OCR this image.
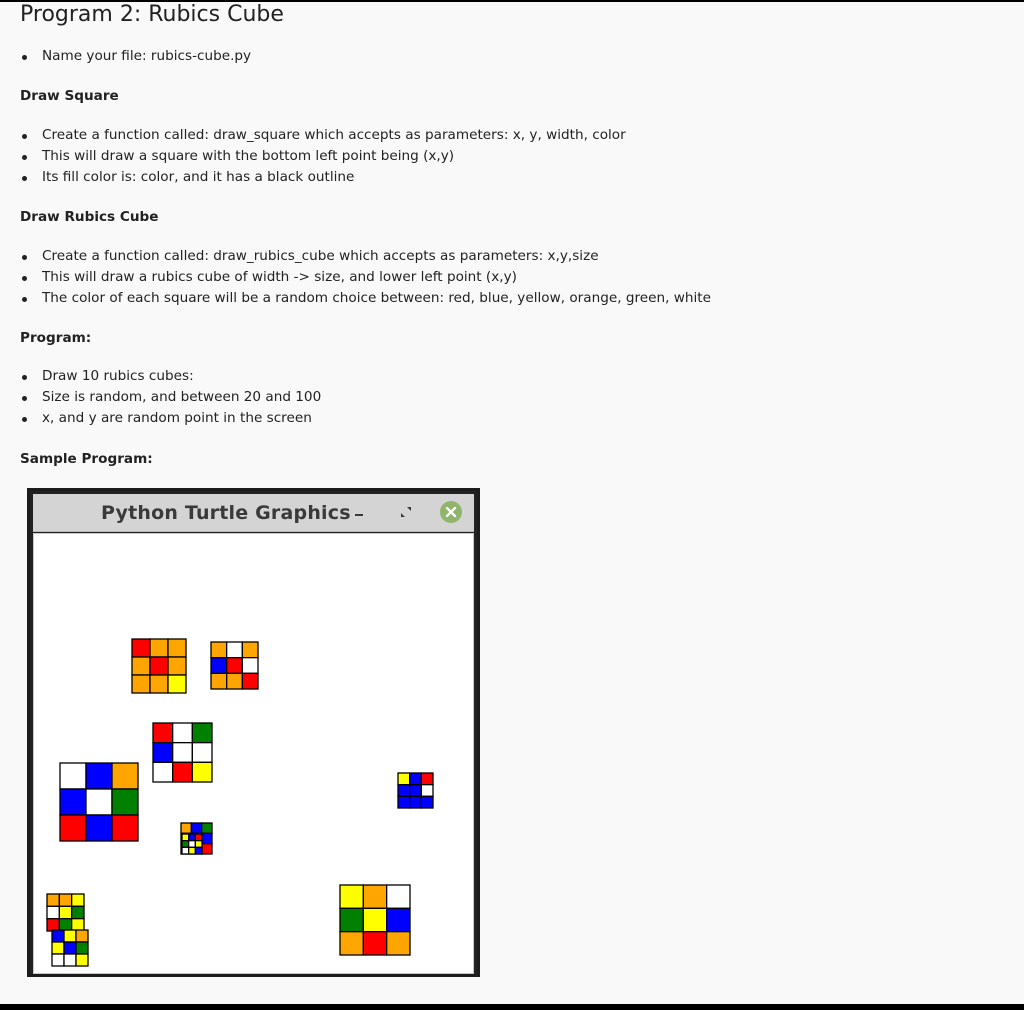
Program 2: Rubics Cube
Name your file: rubics-cube.py
Draw Square
Create a function called: draw_square which accepts as parameters: x, y, width, color
This will draw a square with the bottom left point being (x,y)
Its fill color is: color, and it has a black outline
Draw Rubics Cube
Create a function called: draw_rubics_cube which accepts as parameters: x,y,size
This will draw a rubics cube of width -> size, and lower left point (x,y)
The color of each square will be a random choice between: red, blue, yellow, orange, green, white
Program:
Draw 10 rubics cubes:
Size is random, and between 20 and 100
x, and y are random point in the screen
Sample Program:
Python Turtle Graphics
